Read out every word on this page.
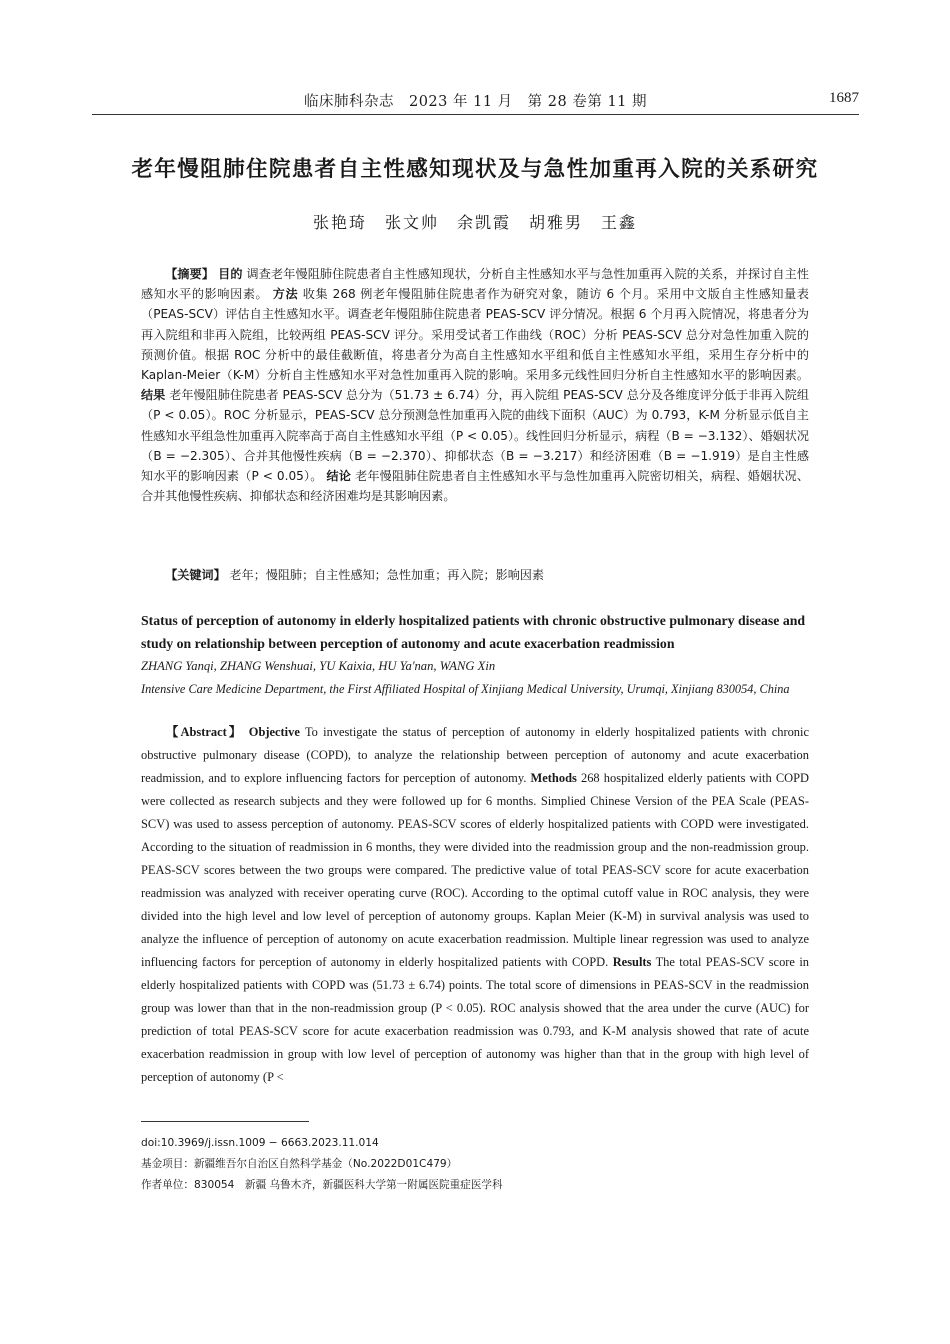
临床肺科杂志　2023 年 11 月　第 28 卷第 11 期	1687
老年慢阻肺住院患者自主性感知现状及与急性加重再入院的关系研究
张艳琦　张文帅　余凯霞　胡雅男　王鑫

【摘要】 目的 调查老年慢阻肺住院患者自主性感知现状，分析自主性感知水平与急性加重再入院的关系，并探讨自主性感知水平的影响因素。 方法 收集 268 例老年慢阻肺住院患者作为研究对象，随访 6 个月。采用中文版自主性感知量表（PEAS-SCV）评估自主性感知水平。调查老年慢阻肺住院患者 PEAS-SCV 评分情况。根据 6 个月再入院情况，将患者分为再入院组和非再入院组，比较两组 PEAS-SCV 评分。采用受试者工作曲线（ROC）分析 PEAS-SCV 总分对急性加重入院的预测价值。根据 ROC 分析中的最佳截断值，将患者分为高自主性感知水平组和低自主性感知水平组，采用生存分析中的 Kaplan-Meier（K-M）分析自主性感知水平对急性加重再入院的影响。采用多元线性回归分析自主性感知水平的影响因素。 结果 老年慢阻肺住院患者 PEAS-SCV 总分为（51.73 ± 6.74）分，再入院组 PEAS-SCV 总分及各维度评分低于非再入院组（P < 0.05）。ROC 分析显示，PEAS-SCV 总分预测急性加重再入院的曲线下面积（AUC）为 0.793，K-M 分析显示低自主性感知水平组急性加重再入院率高于高自主性感知水平组（P < 0.05）。线性回归分析显示，病程（B = −3.132）、婚姻状况（B = −2.305）、合并其他慢性疾病（B = −2.370）、抑郁状态（B = −3.217）和经济困难（B = −1.919）是自主性感知水平的影响因素（P < 0.05）。 结论 老年慢阻肺住院患者自主性感知水平与急性加重再入院密切相关，病程、婚姻状况、合并其他慢性疾病、抑郁状态和经济困难均是其影响因素。

【关键词】 老年；慢阻肺；自主性感知；急性加重；再入院；影响因素
Status of perception of autonomy in elderly hospitalized patients with chronic obstructive pulmonary disease and study on relationship between perception of autonomy and acute exacerbation readmission
ZHANG Yanqi, ZHANG Wenshuai, YU Kaixia, HU Ya'nan, WANG Xin
Intensive Care Medicine Department, the First Affiliated Hospital of Xinjiang Medical University, Urumqi, Xinjiang 830054, China

【Abstract】 Objective To investigate the status of perception of autonomy in elderly hospitalized patients with chronic obstructive pulmonary disease (COPD), to analyze the relationship between perception of autonomy and acute exacerbation readmission, and to explore influencing factors for perception of autonomy. Methods 268 hospitalized elderly patients with COPD were collected as research subjects and they were followed up for 6 months. Simplied Chinese Version of the PEA Scale (PEAS-SCV) was used to assess perception of autonomy. PEAS-SCV scores of elderly hospitalized patients with COPD were investigated. According to the situation of readmission in 6 months, they were divided into the readmission group and the non-readmission group. PEAS-SCV scores between the two groups were compared. The predictive value of total PEAS-SCV score for acute exacerbation readmission was analyzed with receiver operating curve (ROC). According to the optimal cutoff value in ROC analysis, they were divided into the high level and low level of perception of autonomy groups. Kaplan Meier (K-M) in survival analysis was used to analyze the influence of perception of autonomy on acute exacerbation readmission. Multiple linear regression was used to analyze influencing factors for perception of autonomy in elderly hospitalized patients with COPD. Results The total PEAS-SCV score in elderly hospitalized patients with COPD was (51.73 ± 6.74) points. The total score of dimensions in PEAS-SCV in the readmission group was lower than that in the non-readmission group (P < 0.05). ROC analysis showed that the area under the curve (AUC) for prediction of total PEAS-SCV score for acute exacerbation readmission was 0.793, and K-M analysis showed that rate of acute exacerbation readmission in group with low level of perception of autonomy was higher than that in the group with high level of perception of autonomy (P <

doi:10.3969/j.issn.1009 − 6663.2023.11.014
基金项目：新疆维吾尔自治区自然科学基金（No.2022D01C479）
作者单位：830054　新疆 乌鲁木齐，新疆医科大学第一附属医院重症医学科
